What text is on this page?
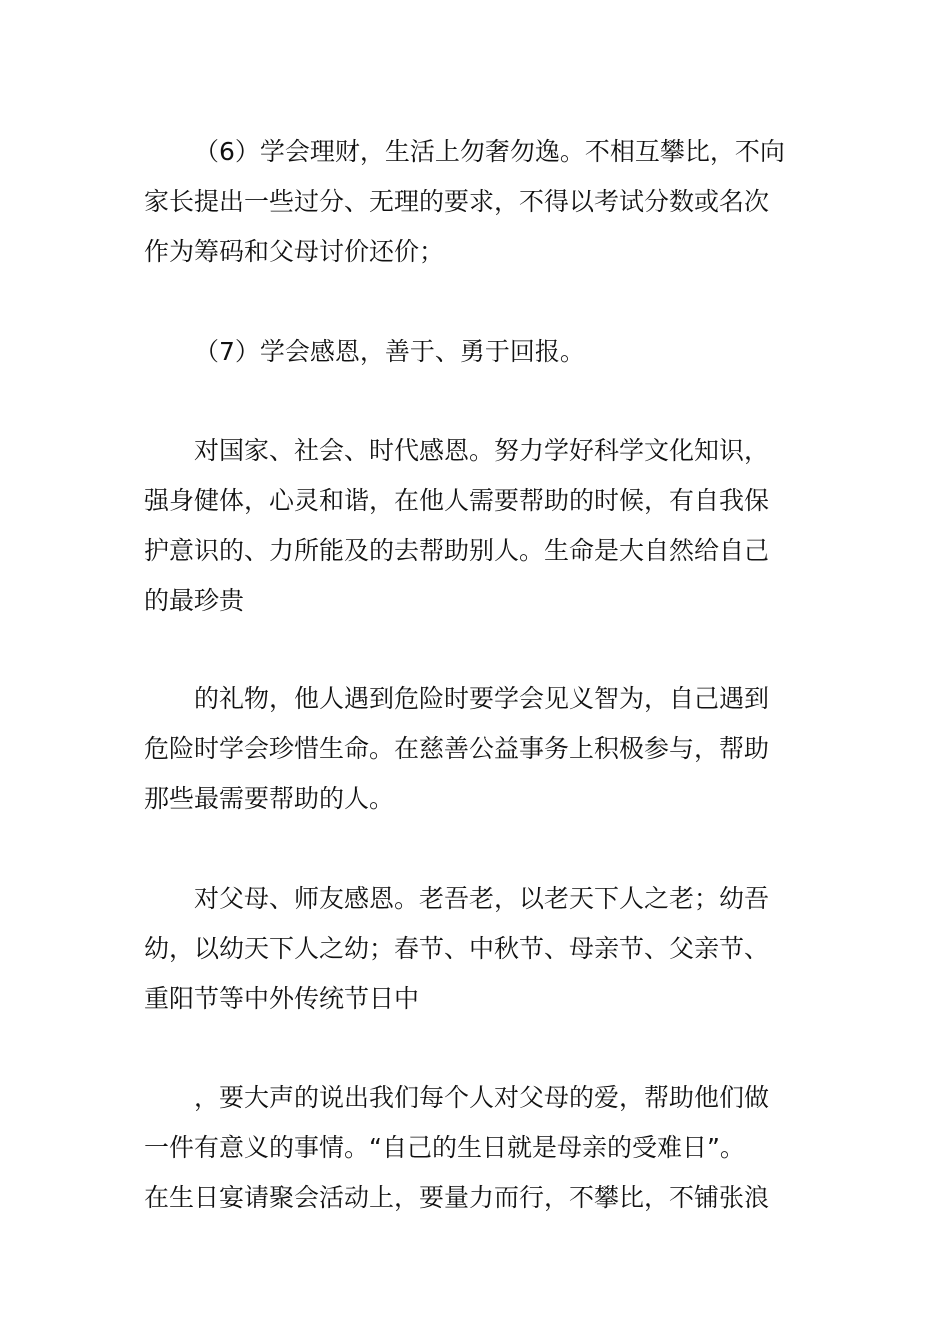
（6）学会理财，生活上勿奢勿逸。不相互攀比，不向
家长提出一些过分、无理的要求，不得以考试分数或名次
作为筹码和父母讨价还价；
（7）学会感恩，善于、勇于回报。
对国家、社会、时代感恩。努力学好科学文化知识，
强身健体，心灵和谐，在他人需要帮助的时候，有自我保
护意识的、力所能及的去帮助别人。生命是大自然给自己
的最珍贵
的礼物，他人遇到危险时要学会见义智为，自己遇到
危险时学会珍惜生命。在慈善公益事务上积极参与，帮助
那些最需要帮助的人。
对父母、师友感恩。老吾老，以老天下人之老；幼吾
幼，以幼天下人之幼；春节、中秋节、母亲节、父亲节、
重阳节等中外传统节日中
，要大声的说出我们每个人对父母的爱，帮助他们做
一件有意义的事情。“自己的生日就是母亲的受难日”。
在生日宴请聚会活动上，要量力而行，不攀比，不铺张浪
